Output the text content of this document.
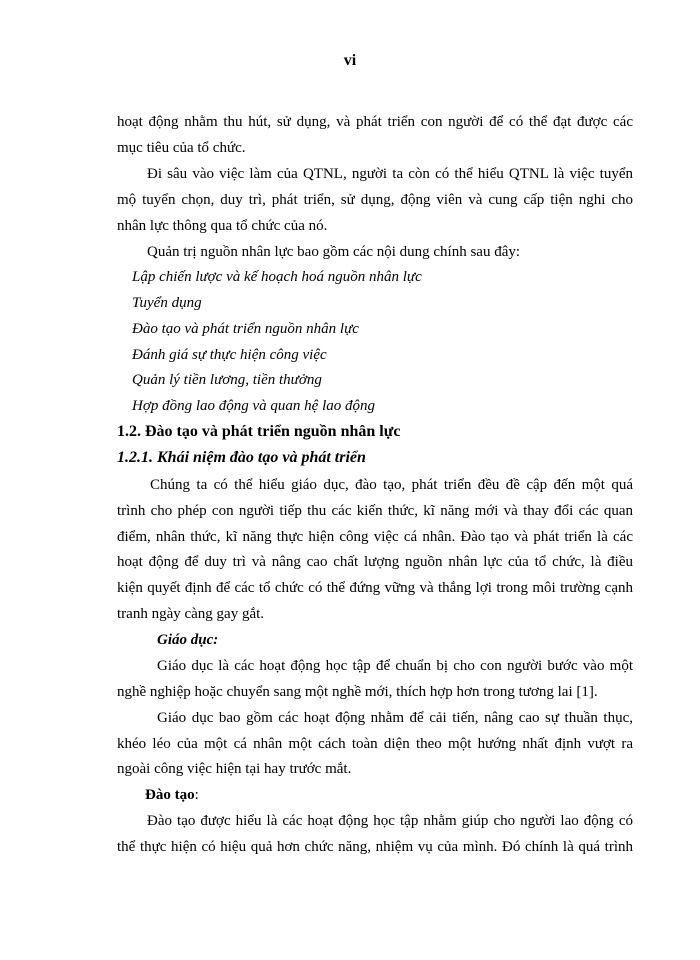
vi
hoạt động nhằm thu hút, sử dụng, và phát triển con người để có thể đạt được các
mục tiêu của tổ chức.
Đi sâu vào việc làm của QTNL, người ta còn có thể hiểu QTNL là việc tuyển
mộ tuyển chọn, duy trì, phát triển, sử dụng, động viên và cung cấp tiện nghi cho
nhân lực thông qua tổ chức của nó.
Quản trị nguồn nhân lực bao gồm các nội dung chính sau đây:
Lập chiến lược và kế hoạch hoá nguồn nhân lực
Tuyển dụng
Đào tạo và phát triển nguồn nhân lực
Đánh giá sự thực hiện công việc
Quản lý tiền lương, tiền thưởng
Hợp đồng lao động và quan hệ lao động
1.2. Đào tạo và phát triển nguồn nhân lực
1.2.1. Khái niệm đào tạo và phát triển
Chúng ta có thể hiểu giáo dục, đào tạo, phát triển đều đề cập đến một quá
trình cho phép con người tiếp thu các kiến thức, kĩ năng mới và thay đổi các quan
điểm, nhân thức, kĩ năng thực hiện công việc cá nhân. Đào tạo và phát triển là các
hoạt động để duy trì và nâng cao chất lượng nguồn nhân lực của tổ chức, là điều
kiện quyết định để các tổ chức có thể đứng vững và thắng lợi trong môi trường cạnh
tranh ngày càng gay gắt.
Giáo dục:
Giáo dục là các hoạt động học tập để chuẩn bị cho con người bước vào một
nghề nghiệp hoặc chuyển sang một nghề mới, thích hợp hơn trong tương lai [1].
Giáo dục bao gồm các hoạt động nhằm để cải tiến, nâng cao sự thuần thục,
khéo léo của một cá nhân một cách toàn diện theo một hướng nhất định vượt ra
ngoài công việc hiện tại hay trước mắt.
Đào tạo:
Đào tạo được hiểu là các hoạt động học tập nhằm giúp cho người lao động có
thể thực hiện có hiệu quả hơn chức năng, nhiệm vụ của mình. Đó chính là quá trình
